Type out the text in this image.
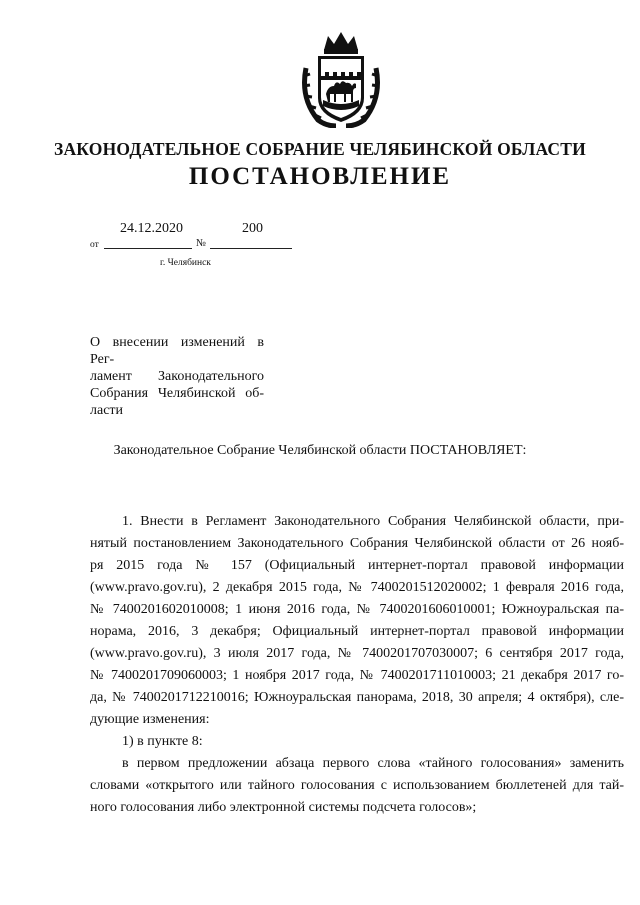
ЗАКОНОДАТЕЛЬНОЕ СОБРАНИЕ ЧЕЛЯБИНСКОЙ ОБЛАСТИ
ПОСТАНОВЛЕНИЕ
24.12.2020	200
от	№
г. Челябинск
О внесении изменений в Рег-
ламент Законодательного
Собрания Челябинской об-
ласти
Законодательное Собрание Челябинской области ПОСТАНОВЛЯЕТ:
1. Внести в Регламент Законодательного Собрания Челябинской области, при-
нятый постановлением Законодательного Собрания Челябинской области от 26 нояб-
ря 2015 года № 157 (Официальный интернет-портал правовой информации
(www.pravo.gov.ru), 2 декабря 2015 года, № 7400201512020002; 1 февраля 2016 года,
№ 7400201602010008; 1 июня 2016 года, № 7400201606010001; Южноуральская па-
норама, 2016, 3 декабря; Официальный интернет-портал правовой информации
(www.pravo.gov.ru), 3 июля 2017 года, № 7400201707030007; 6 сентября 2017 года,
№ 7400201709060003; 1 ноября 2017 года, № 7400201711010003; 21 декабря 2017 го-
да, № 7400201712210016; Южноуральская панорама, 2018, 30 апреля; 4 октября), сле-
дующие изменения:
1) в пункте 8:
в первом предложении абзаца первого слова «тайного голосования» заменить
словами «открытого или тайного голосования с использованием бюллетеней для тай-
ного голосования либо электронной системы подсчета голосов»;
